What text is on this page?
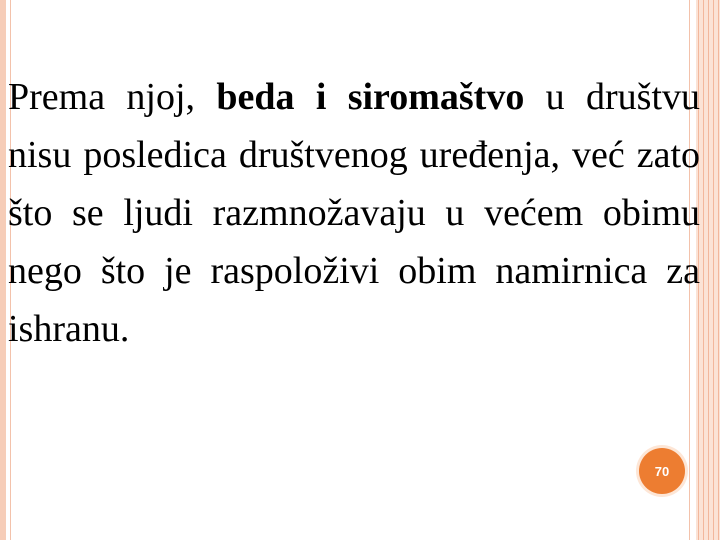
Prema njoj, beda i siromaštvo u društvu nisu posledica društvenog uređenja, već zato što se ljudi razmnožavaju u većem obimu nego što je raspoloživi obim namirnica za ishranu.

70
